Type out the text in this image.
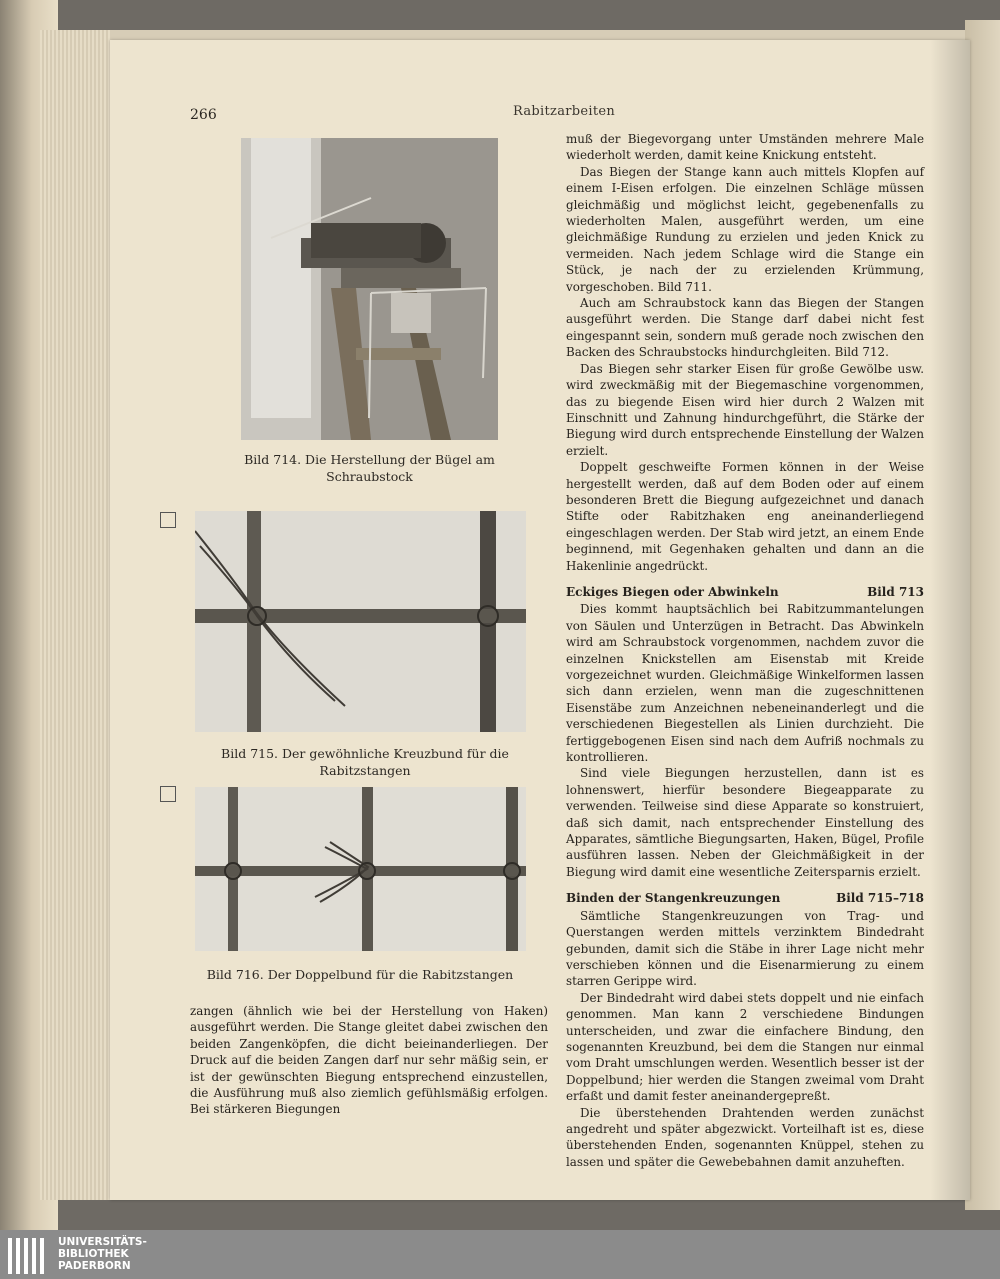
266	Rabitzarbeiten
Bild 714. Die Herstellung der Bügel am
Schraubstock
Bild 715. Der gewöhnliche Kreuzbund für die Rabitzstangen
Bild 716. Der Doppelbund für die Rabitzstangen

zangen (ähnlich wie bei der Herstellung von Haken) ausgeführt werden. Die Stange gleitet dabei zwischen den beiden Zangenköpfen, die dicht beieinanderliegen. Der Druck auf die beiden Zangen darf nur sehr mäßig sein, er ist der gewünschten Biegung entsprechend einzustellen, die Ausführung muß also ziemlich gefühlsmäßig erfolgen. Bei stärkeren Biegungen

muß der Biegevorgang unter Umständen mehrere Male wiederholt werden, damit keine Knickung entsteht.

Das Biegen der Stange kann auch mittels Klopfen auf einem I-Eisen erfolgen. Die einzelnen Schläge müssen gleichmäßig und möglichst leicht, gegebenenfalls zu wiederholten Malen, ausgeführt werden, um eine gleichmäßige Rundung zu erzielen und jeden Knick zu vermeiden. Nach jedem Schlage wird die Stange ein Stück, je nach der zu erzielenden Krümmung, vorgeschoben. Bild 711.

Auch am Schraubstock kann das Biegen der Stangen ausgeführt werden. Die Stange darf dabei nicht fest eingespannt sein, sondern muß gerade noch zwischen den Backen des Schraubstocks hindurchgleiten. Bild 712.

Das Biegen sehr starker Eisen für große Gewölbe usw. wird zweckmäßig mit der Biegemaschine vorgenommen, das zu biegende Eisen wird hier durch 2 Walzen mit Einschnitt und Zahnung hindurchgeführt, die Stärke der Biegung wird durch entsprechende Einstellung der Walzen erzielt.

Doppelt geschweifte Formen können in der Weise hergestellt werden, daß auf dem Boden oder auf einem besonderen Brett die Biegung aufgezeichnet und danach Stifte oder Rabitzhaken eng aneinanderliegend eingeschlagen werden. Der Stab wird jetzt, an einem Ende beginnend, mit Gegenhaken gehalten und dann an die Hakenlinie angedrückt.

Eckiges Biegen oder Abwinkeln	Bild 713

Dies kommt hauptsächlich bei Rabitzummantelungen von Säulen und Unterzügen in Betracht. Das Abwinkeln wird am Schraubstock vorgenommen, nachdem zuvor die einzelnen Knickstellen am Eisenstab mit Kreide vorgezeichnet wurden. Gleichmäßige Winkelformen lassen sich dann erzielen, wenn man die zugeschnittenen Eisenstäbe zum Anzeichnen nebeneinanderlegt und die verschiedenen Biegestellen als Linien durchzieht. Die fertiggebogenen Eisen sind nach dem Aufriß nochmals zu kontrollieren.

Sind viele Biegungen herzustellen, dann ist es lohnenswert, hierfür besondere Biegeapparate zu verwenden. Teilweise sind diese Apparate so konstruiert, daß sich damit, nach entsprechender Einstellung des Apparates, sämtliche Biegungsarten, Haken, Bügel, Profile ausführen lassen. Neben der Gleichmäßigkeit in der Biegung wird damit eine wesentliche Zeitersparnis erzielt.

Binden der Stangenkreuzungen	Bild 715–718

Sämtliche Stangenkreuzungen von Trag- und Querstangen werden mittels verzinktem Bindedraht gebunden, damit sich die Stäbe in ihrer Lage nicht mehr verschieben können und die Eisenarmierung zu einem starren Gerippe wird.

Der Bindedraht wird dabei stets doppelt und nie einfach genommen. Man kann 2 verschiedene Bindungen unterscheiden, und zwar die einfachere Bindung, den sogenannten Kreuzbund, bei dem die Stangen nur einmal vom Draht umschlungen werden. Wesentlich besser ist der Doppelbund; hier werden die Stangen zweimal vom Draht erfaßt und damit fester aneinandergepreßt.

Die überstehenden Drahtenden werden zunächst angedreht und später abgezwickt. Vorteilhaft ist es, diese überstehenden Enden, sogenannten Knüppel, stehen zu lassen und später die Gewebebahnen damit anzuheften.

UNIVERSITÄTS-
BIBLIOTHEK
PADERBORN
